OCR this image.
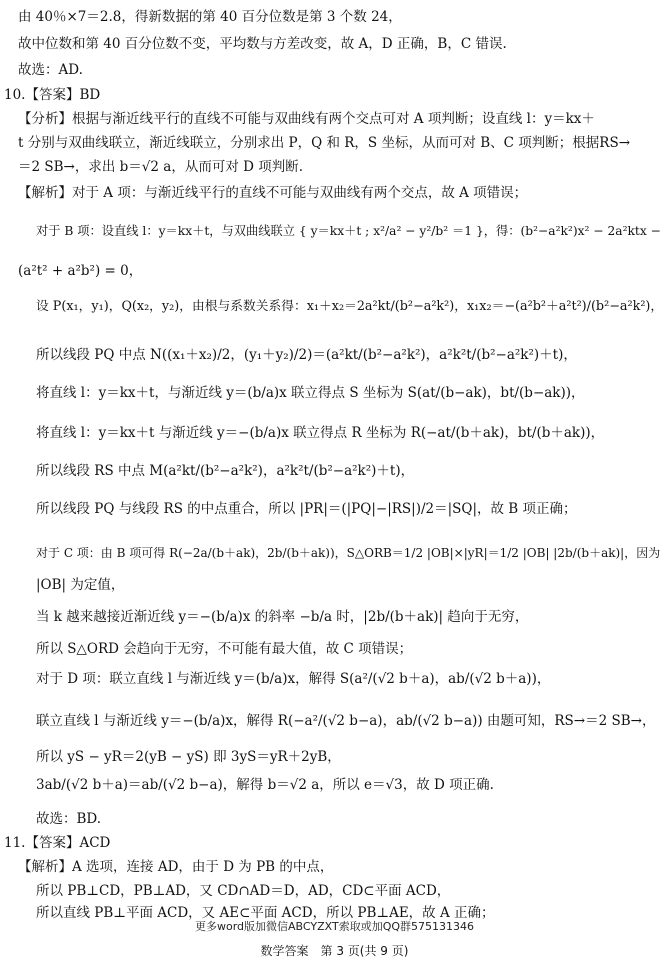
由 40％×7＝2.8，得新数据的第 40 百分位数是第 3 个数 24，
故中位数和第 40 百分位数不变，平均数与方差改变，故 A，D 正确，B，C 错误.
故选：AD.
10.【答案】BD
【分析】根据与渐近线平行的直线不可能与双曲线有两个交点可对 A 项判断；设直线 l：y＝kx＋
t 分别与双曲线联立，渐近线联立，分别求出 P，Q 和 R，S 坐标，从而可对 B、C 项判断；根据RS→
＝2 SB→，求出 b＝√2 a，从而可对 D 项判断.
【解析】对于 A 项：与渐近线平行的直线不可能与双曲线有两个交点，故 A 项错误；
对于 B 项：设直线 l：y＝kx＋t，与双曲线联立 { y＝kx＋t ; x²/a² − y²/b² ＝1 }，得：(b²−a²k²)x² − 2a²ktx −
(a²t² + a²b²) = 0，
设 P(x₁，y₁)，Q(x₂，y₂)，由根与系数关系得：x₁＋x₂＝2a²kt/(b²−a²k²)，x₁x₂＝−(a²b²＋a²t²)/(b²−a²k²)，
所以线段 PQ 中点 N((x₁＋x₂)/2，(y₁＋y₂)/2)＝(a²kt/(b²−a²k²)，a²k²t/(b²−a²k²)＋t)，
将直线 l：y＝kx＋t，与渐近线 y＝(b/a)x 联立得点 S 坐标为 S(at/(b−ak)，bt/(b−ak))，
将直线 l：y＝kx＋t 与渐近线 y＝−(b/a)x 联立得点 R 坐标为 R(−at/(b＋ak)，bt/(b＋ak))，
所以线段 RS 中点 M(a²kt/(b²−a²k²)，a²k²t/(b²−a²k²)＋t)，
所以线段 PQ 与线段 RS 的中点重合，所以 |PR|＝(|PQ|−|RS|)/2＝|SQ|，故 B 项正确；
对于 C 项：由 B 项可得 R(−2a/(b＋ak)，2b/(b＋ak))，S△ORB＝1/2 |OB|×|yR|＝1/2 |OB| |2b/(b＋ak)|，因为
|OB| 为定值，
当 k 越来越接近渐近线 y＝−(b/a)x 的斜率 −b/a 时，|2b/(b＋ak)| 趋向于无穷，
所以 S△ORD 会趋向于无穷，不可能有最大值，故 C 项错误；
对于 D 项：联立直线 l 与渐近线 y＝(b/a)x，解得 S(a²/(√2 b＋a)，ab/(√2 b＋a))，
联立直线 l 与渐近线 y＝−(b/a)x，解得 R(−a²/(√2 b−a)，ab/(√2 b−a)) 由题可知，RS→＝2 SB→，
所以 yS − yR＝2(yB − yS) 即 3yS＝yR＋2yB，
3ab/(√2 b＋a)＝ab/(√2 b−a)，解得 b＝√2 a，所以 e＝√3，故 D 项正确.
故选：BD.
11.【答案】ACD
【解析】A 选项，连接 AD，由于 D 为 PB 的中点，
所以 PB⊥CD，PB⊥AD，又 CD∩AD＝D，AD，CD⊂平面 ACD，
所以直线 PB⊥平面 ACD，又 AE⊂平面 ACD，所以 PB⊥AE，故 A 正确；
更多word版加微信ABCYZXT索取或加QQ群575131346
数学答案　第 3 页(共 9 页)
